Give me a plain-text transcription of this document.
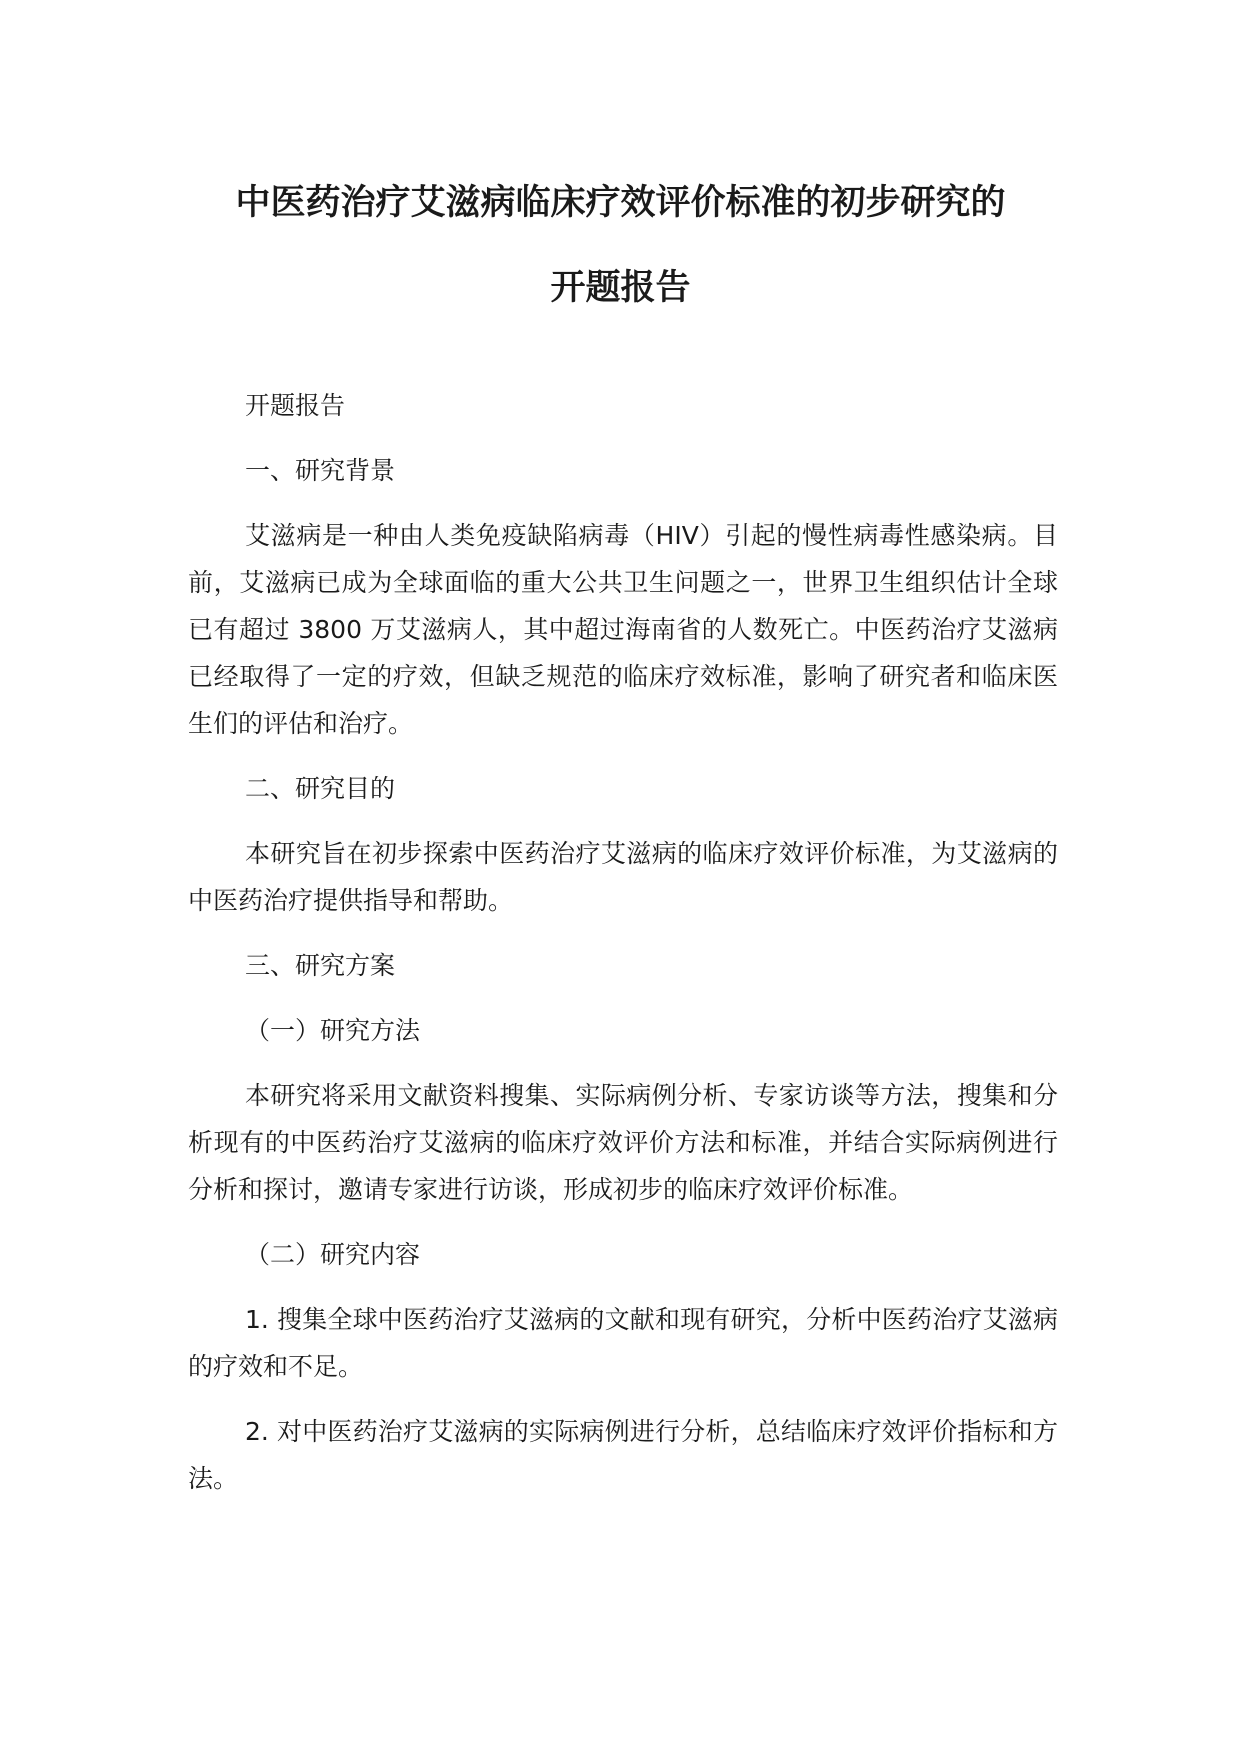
中医药治疗艾滋病临床疗效评价标准的初步研究的
开题报告
开题报告
一、研究背景
艾滋病是一种由人类免疫缺陷病毒（HIV）引起的慢性病毒性感染病。目前，艾滋病已成为全球面临的重大公共卫生问题之一，世界卫生组织估计全球已有超过 3800 万艾滋病人，其中超过海南省的人数死亡。中医药治疗艾滋病已经取得了一定的疗效，但缺乏规范的临床疗效标准，影响了研究者和临床医生们的评估和治疗。
二、研究目的
本研究旨在初步探索中医药治疗艾滋病的临床疗效评价标准，为艾滋病的中医药治疗提供指导和帮助。
三、研究方案
（一）研究方法
本研究将采用文献资料搜集、实际病例分析、专家访谈等方法，搜集和分析现有的中医药治疗艾滋病的临床疗效评价方法和标准，并结合实际病例进行分析和探讨，邀请专家进行访谈，形成初步的临床疗效评价标准。
（二）研究内容
1. 搜集全球中医药治疗艾滋病的文献和现有研究，分析中医药治疗艾滋病的疗效和不足。
2. 对中医药治疗艾滋病的实际病例进行分析，总结临床疗效评价指标和方法。
